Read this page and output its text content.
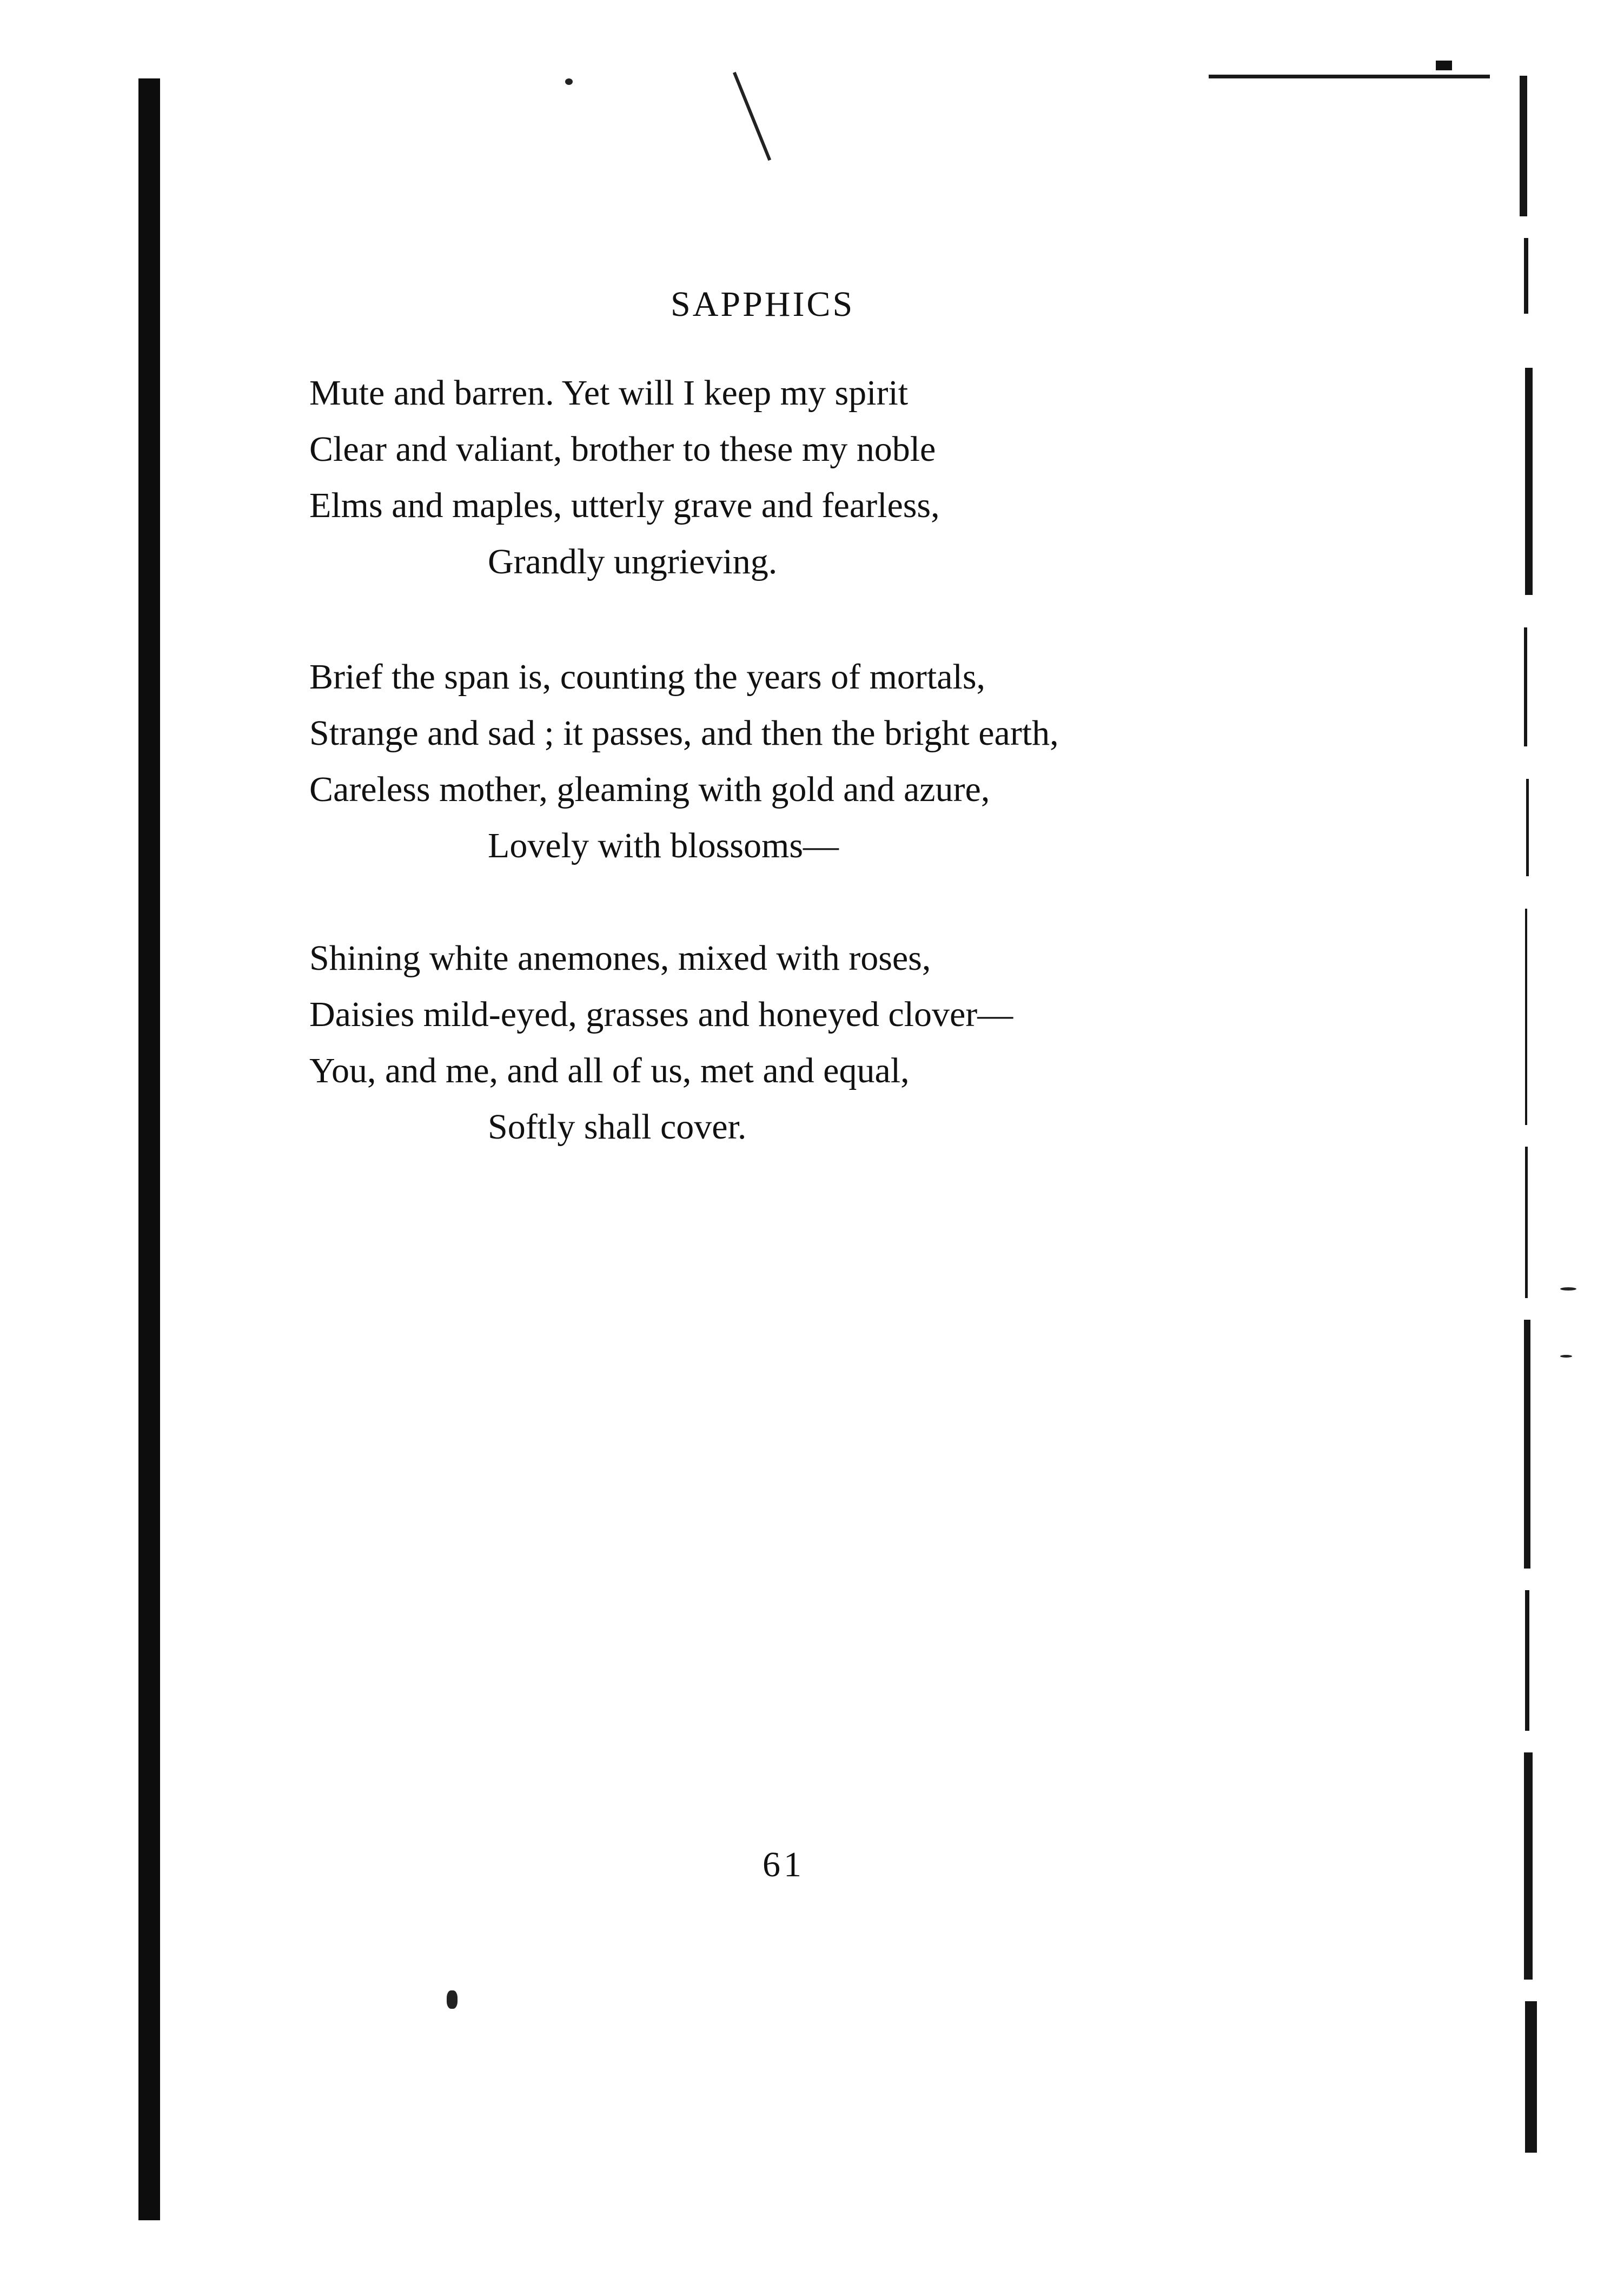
SAPPHICS
Mute and barren. Yet will I keep my spirit
Clear and valiant, brother to these my noble
Elms and maples, utterly grave and fearless,
Grandly ungrieving.
Brief the span is, counting the years of mortals,
Strange and sad ; it passes, and then the bright earth,
Careless mother, gleaming with gold and azure,
Lovely with blossoms—
Shining white anemones, mixed with roses,
Daisies mild-eyed, grasses and honeyed clover—
You, and me, and all of us, met and equal,
Softly shall cover.
61
